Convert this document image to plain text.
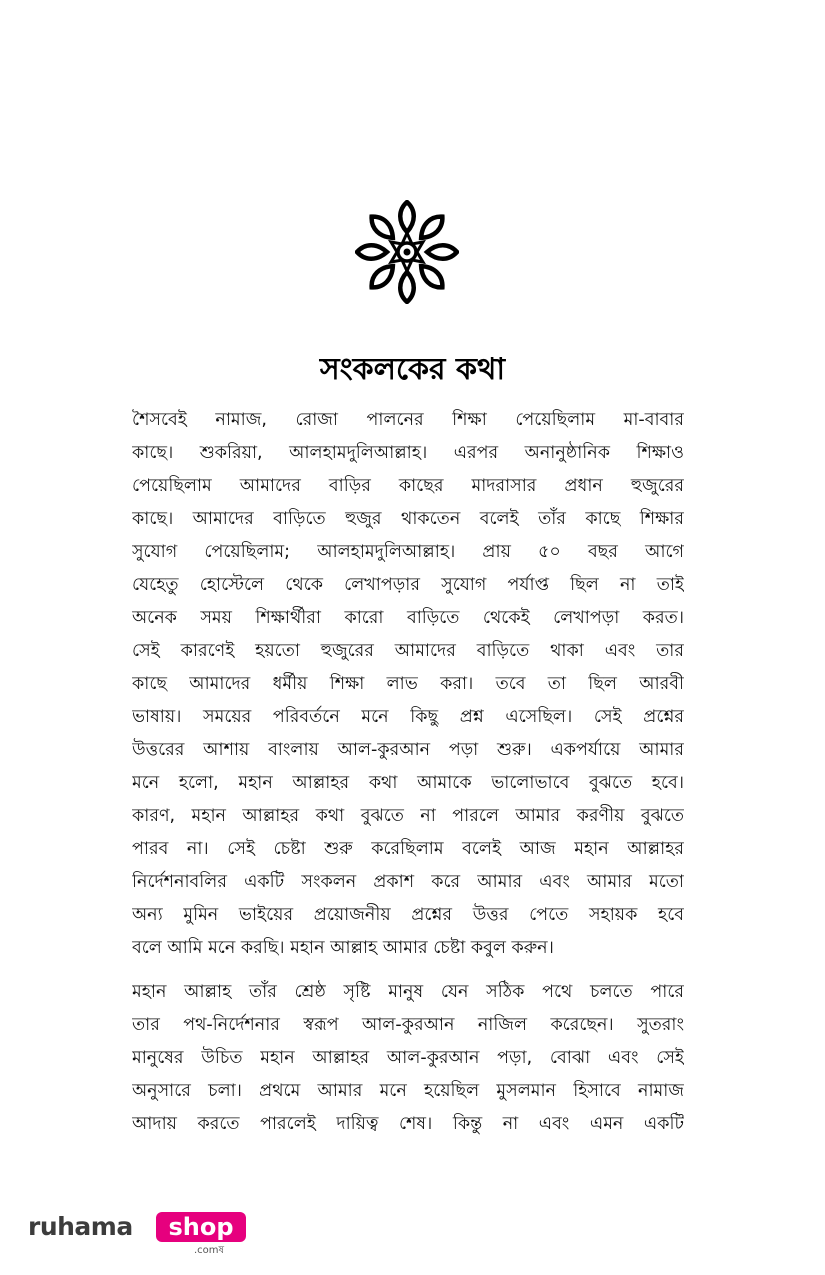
সংকলকের কথা
শৈসবেই নামাজ, রোজা পালনের শিক্ষা পেয়েছিলাম মা-বাবার
কাছে। শুকরিয়া, আলহামদুলিআল্লাহ। এরপর অনানুষ্ঠানিক শিক্ষাও
পেয়েছিলাম আমাদের বাড়ির কাছের মাদরাসার প্রধান হুজুরের
কাছে। আমাদের বাড়িতে হুজুর থাকতেন বলেই তাঁর কাছে শিক্ষার
সুযোগ পেয়েছিলাম; আলহামদুলিআল্লাহ। প্রায় ৫০ বছর আগে
যেহেতু হোস্টেলে থেকে লেখাপড়ার সুযোগ পর্যাপ্ত ছিল না তাই
অনেক সময় শিক্ষার্থীরা কারো বাড়িতে থেকেই লেখাপড়া করত।
সেই কারণেই হয়তো হুজুরের আমাদের বাড়িতে থাকা এবং তার
কাছে আমাদের ধর্মীয় শিক্ষা লাভ করা। তবে তা ছিল আরবী
ভাষায়। সময়ের পরিবর্তনে মনে কিছু প্রশ্ন এসেছিল। সেই প্রশ্নের
উত্তরের আশায় বাংলায় আল-কুরআন পড়া শুরু। একপর্যায়ে আমার
মনে হলো, মহান আল্লাহর কথা আমাকে ভালোভাবে বুঝতে হবে।
কারণ, মহান আল্লাহর কথা বুঝতে না পারলে আমার করণীয় বুঝতে
পারব না। সেই চেষ্টা শুরু করেছিলাম বলেই আজ মহান আল্লাহর
নির্দেশনাবলির একটি সংকলন প্রকাশ করে আমার এবং আমার মতো
অন্য মুমিন ভাইয়ের প্রয়োজনীয় প্রশ্নের উত্তর পেতে সহায়ক হবে
বলে আমি মনে করছি। মহান আল্লাহ আমার চেষ্টা কবুল করুন।
মহান আল্লাহ তাঁর শ্রেষ্ঠ সৃষ্টি মানুষ যেন সঠিক পথে চলতে পারে
তার পথ-নির্দেশনার স্বরূপ আল-কুরআন নাজিল করেছেন। সুতরাং
মানুষের উচিত মহান আল্লাহর আল-কুরআন পড়া, বোঝা এবং সেই
অনুসারে চলা। প্রথমে আমার মনে হয়েছিল মুসলমান হিসাবে নামাজ
আদায় করতে পারলেই দায়িত্ব শেষ। কিন্তু না এবং এমন একটি
ruhama	shop
.comষ
